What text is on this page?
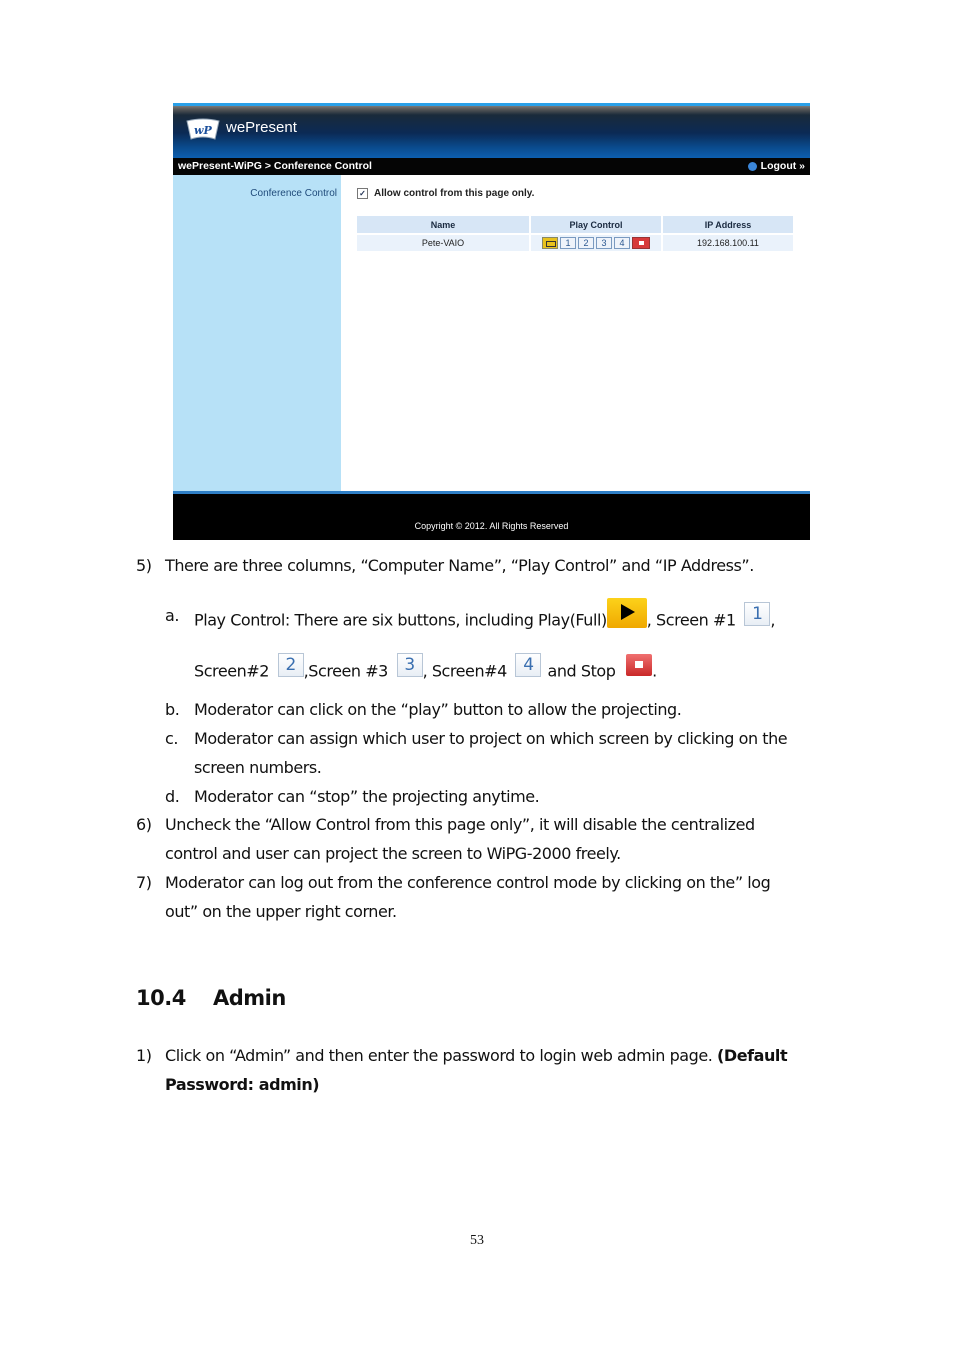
wP wePresent
wePresent-WiPG > Conference Control	Logout »
Conference Control	✓ Allow control from this page only.
Name	Play Control	IP Address
Pete-VAIO	1 2 3 4	192.168.100.11
Copyright © 2012. All Rights Reserved
5) There are three columns, “Computer Name”, “Play Control” and “IP Address”.
a. Play Control: There are six buttons, including Play(Full)	, Screen #1 1 ,
Screen#2 2 ,Screen #3 3 , Screen#4 4 and Stop .
b. Moderator can click on the “play” button to allow the projecting.
c. Moderator can assign which user to project on which screen by clicking on the
screen numbers.
d. Moderator can “stop” the projecting anytime.
6) Uncheck the “Allow Control from this page only”, it will disable the centralized
control and user can project the screen to WiPG-2000 freely.
7) Moderator can log out from the conference control mode by clicking on the” log
out” on the upper right corner.
10.4 Admin
1) Click on “Admin” and then enter the password to login web admin page. (Default
Password: admin)
53
